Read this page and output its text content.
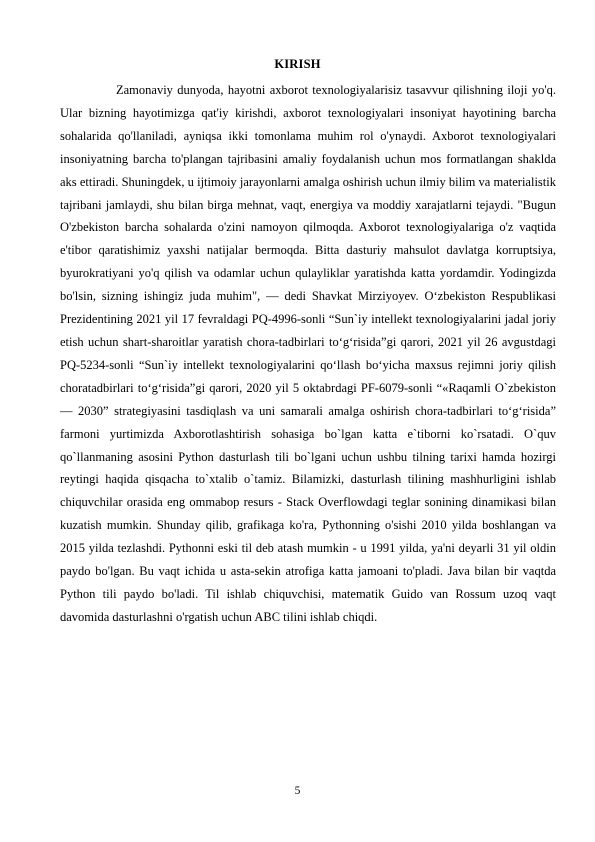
KIRISH

Zamonaviy dunyoda, hayotni axborot texnologiyalarisiz tasavvur qilishning iloji yo'q. Ular bizning hayotimizga qat'iy kirishdi, axborot texnologiyalari insoniyat hayotining barcha sohalarida qo'llaniladi, ayniqsa ikki tomonlama muhim rol o'ynaydi. Axborot texnologiyalari insoniyatning barcha to'plangan tajribasini amaliy foydalanish uchun mos formatlangan shaklda aks ettiradi. Shuningdek, u ijtimoiy jarayonlarni amalga oshirish uchun ilmiy bilim va materialistik tajribani jamlaydi, shu bilan birga mehnat, vaqt, energiya va moddiy xarajatlarni tejaydi. "Bugun O'zbekiston barcha sohalarda o'zini namoyon qilmoqda. Axborot texnologiyalariga o'z vaqtida e'tibor qaratishimiz yaxshi natijalar bermoqda. Bitta dasturiy mahsulot davlatga korruptsiya, byurokratiyani yo'q qilish va odamlar uchun qulayliklar yaratishda katta yordamdir. Yodingizda bo'lsin, sizning ishingiz juda muhim", — dedi Shavkat Mirziyoyev. O‘zbekiston Respublikasi Prezidentining 2021 yil 17 fevraldagi PQ-4996-sonli “Sun`iy intellekt texnologiyalarini jadal joriy etish uchun shart-sharoitlar yaratish chora-tadbirlari to‘g‘risida”gi qarori, 2021 yil 26 avgustdagi PQ-5234-sonli “Sun`iy intellekt texnologiyalarini qo‘llash bo‘yicha maxsus rejimni joriy qilish choratadbirlari to‘g‘risida”gi qarori, 2020 yil 5 oktabrdagi PF-6079-sonli “«Raqamli O`zbekiston — 2030” strategiyasini tasdiqlash va uni samarali amalga oshirish chora-tadbirlari to‘g‘risida” farmoni yurtimizda Axborotlashtirish sohasiga bo`lgan katta e`tiborni ko`rsatadi. O`quv qo`llanmaning asosini Python dasturlash tili bo`lgani uchun ushbu tilning tarixi hamda hozirgi reytingi haqida qisqacha to`xtalib o`tamiz. Bilamizki, dasturlash tilining mashhurligini ishlab chiquvchilar orasida eng ommabop resurs - Stack Overflowdagi teglar sonining dinamikasi bilan kuzatish mumkin. Shunday qilib, grafikaga ko'ra, Pythonning o'sishi 2010 yilda boshlangan va 2015 yilda tezlashdi. Pythonni eski til deb atash mumkin - u 1991 yilda, ya'ni deyarli 31 yil oldin paydo bo'lgan. Bu vaqt ichida u asta-sekin atrofiga katta jamoani to'pladi. Java bilan bir vaqtda Python tili paydo bo'ladi. Til ishlab chiquvchisi, matematik Guido van Rossum uzoq vaqt davomida dasturlashni o'rgatish uchun ABC tilini ishlab chiqdi.

5
